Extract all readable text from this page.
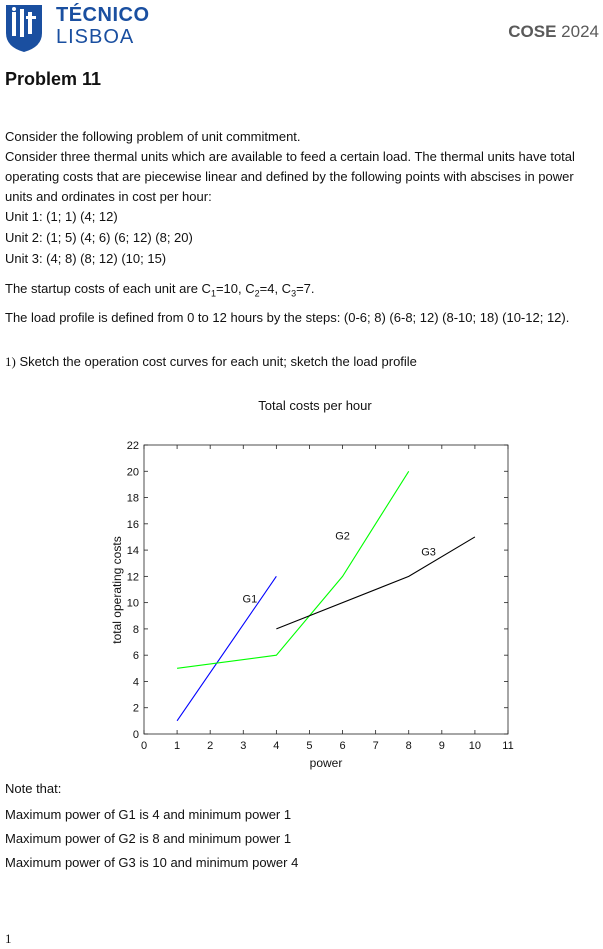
TÉCNICO
LISBOA	COSE 2024
Problem 11
Consider the following problem of unit commitment.
Consider three thermal units which are available to feed a certain load. The thermal units have total
operating costs that are piecewise linear and defined by the following points with abscises in power
units and ordinates in cost per hour:
Unit 1: (1; 1) (4; 12)
Unit 2: (1; 5) (4; 6) (6; 12) (8; 20)
Unit 3: (4; 8) (8; 12) (10; 15)
The startup costs of each unit are $C_1=10$, $C_2=4$, $C_3=7$.
The load profile is defined from 0 to 12 hours by the steps: (0-6; 8) (6-8; 12) (8-10; 18) (10-12; 12).
1) Sketch the operation cost curves for each unit; sketch the load profile
Total costs per hour
0 1 2 3 4 5 6 7 8 9 10 11
0
2
4
6
8
10
12
14
16
18
20
22
G1
G2
G3
power
total operating costs
Note that:
Maximum power of G1 is 4 and minimum power 1
Maximum power of G2 is 8 and minimum power 1
Maximum power of G3 is 10 and minimum power 4
1
